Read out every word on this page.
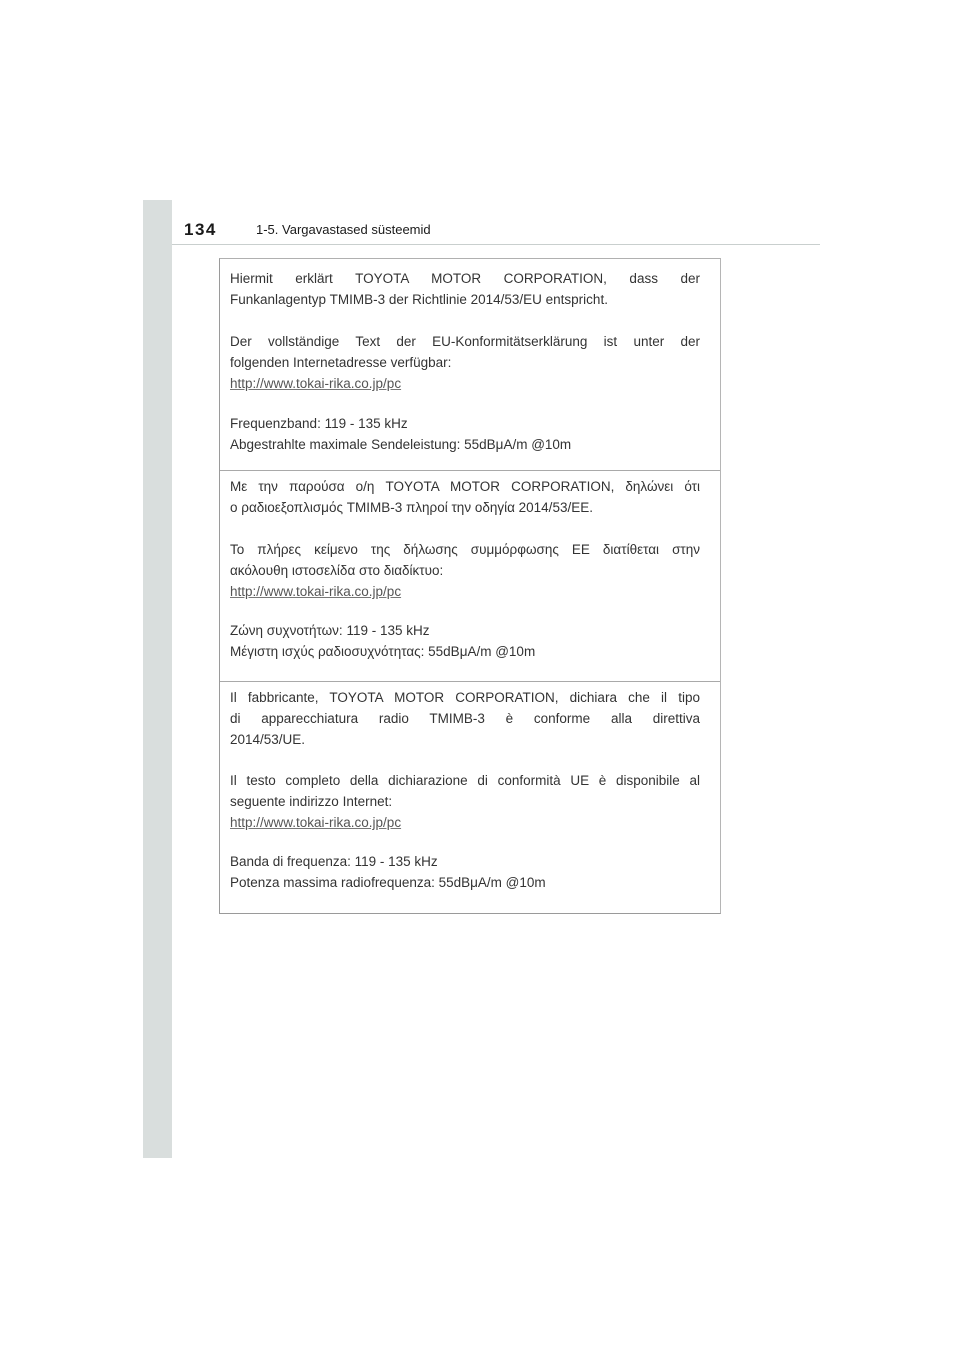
134	1-5. Vargavastased süsteemid
Hiermit erklärt TOYOTA MOTOR CORPORATION, dass der
Funkanlagentyp TMIMB-3 der Richtlinie 2014/53/EU entspricht.
Der vollständige Text der EU-Konformitätserklärung ist unter der
folgenden Internetadresse verfügbar:
http://www.tokai-rika.co.jp/pc
Frequenzband: 119 - 135 kHz
Abgestrahlte maximale Sendeleistung: 55dBμA/m @10m
Με την παρούσα ο/η TOYOTA MOTOR CORPORATION, δηλώνει ότι
ο ραδιοεξοπλισμός TMIMB-3 πληροί την οδηγία 2014/53/EE.
Το πλήρες κείμενο της δήλωσης συμμόρφωσης ΕΕ διατίθεται στην
ακόλουθη ιστοσελίδα στο διαδίκτυο:
http://www.tokai-rika.co.jp/pc
Ζώνη συχνοτήτων: 119 - 135 kHz
Μέγιστη ισχύς ραδιοσυχνότητας: 55dBμA/m @10m
Il fabbricante, TOYOTA MOTOR CORPORATION, dichiara che il tipo
di apparecchiatura radio TMIMB-3 è conforme alla direttiva
2014/53/UE.
Il testo completo della dichiarazione di conformità UE è disponibile al
seguente indirizzo Internet:
http://www.tokai-rika.co.jp/pc
Banda di frequenza: 119 - 135 kHz
Potenza massima radiofrequenza: 55dBμA/m @10m
